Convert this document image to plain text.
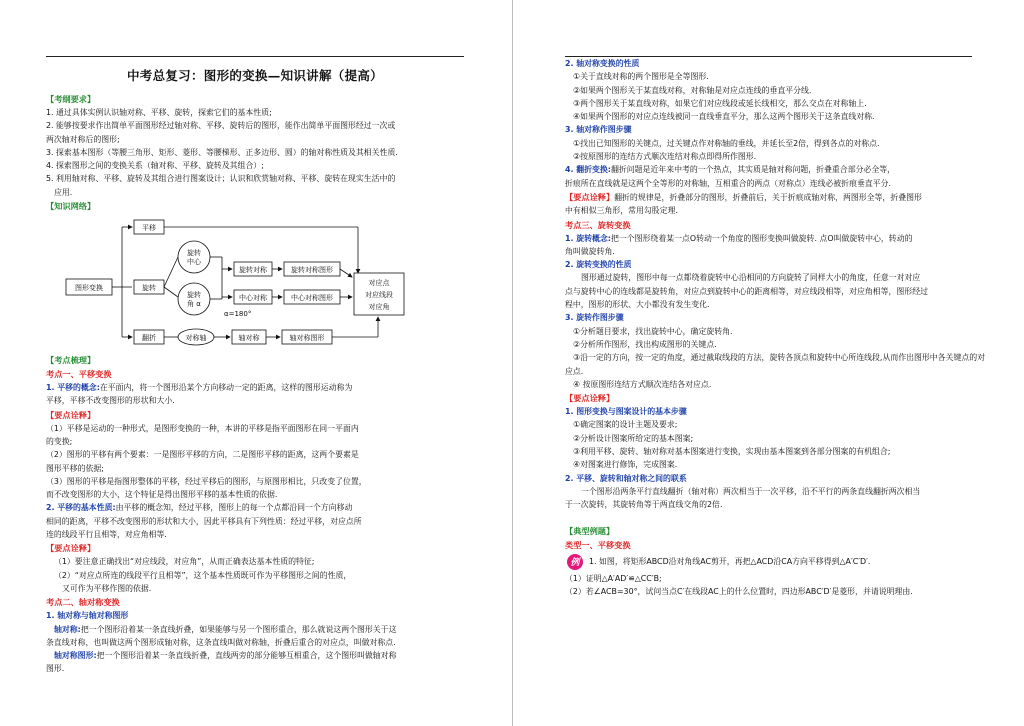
中考总复习：图形的变换—知识讲解（提高）
【考纲要求】
1. 通过具体实例认识轴对称、平移、旋转，探索它们的基本性质;
2. 能够按要求作出简单平面图形经过轴对称、平移、旋转后的图形，能作出简单平面图形经过一次或
两次轴对称后的图形;
3. 探索基本图形（等腰三角形、矩形、菱形、等腰梯形、正多边形、圆）的轴对称性质及其相关性质.
4. 探索图形之间的变换关系（轴对称、平移、旋转及其组合）;
5. 利用轴对称、平移、旋转及其组合进行图案设计；认识和欣赏轴对称、平移、旋转在现实生活中的
应用.
【知识网络】
图形变换
平移
旋转
旋转
中心
旋转
角 α
旋转对称	旋转对称图形
中心对称	中心对称图形
α=180°
翻折	对称轴	轴对称	轴对称图形
对应点
对应线段
对应角
【考点梳理】
考点一、平移变换
1. 平移的概念:在平面内，将一个图形沿某个方向移动一定的距离，这样的图形运动称为
平移，平移不改变图形的形状和大小.
【要点诠释】
（1）平移是运动的一种形式，是图形变换的一种，本讲的平移是指平面图形在同一平面内
的变换;
（2）图形的平移有两个要素：一是图形平移的方向，二是图形平移的距离，这两个要素是
图形平移的依据;
（3）图形的平移是指图形整体的平移，经过平移后的图形，与原图形相比，只改变了位置，
而不改变图形的大小，这个特征是得出图形平移的基本性质的依据.
2. 平移的基本性质:由平移的概念知，经过平移，图形上的每一个点都沿同一个方向移动
相同的距离，平移不改变图形的形状和大小，因此平移具有下列性质：经过平移，对应点所
连的线段平行且相等，对应角相等.
【要点诠释】
（1）要注意正确找出“对应线段，对应角”，从而正确表达基本性质的特征;
（2）“对应点所连的线段平行且相等”，这个基本性质既可作为平移图形之间的性质，
又可作为平移作图的依据.
考点二、轴对称变换
1. 轴对称与轴对称图形
轴对称:把一个图形沿着某一条直线折叠，如果能够与另一个图形重合，那么就说这两个图形关于这
条直线对称，也叫做这两个图形成轴对称，这条直线叫做对称轴，折叠后重合的对应点，叫做对称点.
轴对称图形:把一个图形沿着某一条直线折叠，直线两旁的部分能够互相重合，这个图形叫做轴对称
图形.
2. 轴对称变换的性质
①关于直线对称的两个图形是全等图形.
②如果两个图形关于某直线对称，对称轴是对应点连线的垂直平分线.
③两个图形关于某直线对称，如果它们对应线段或延长线相交，那么交点在对称轴上.
④如果两个图形的对应点连线被同一直线垂直平分，那么这两个图形关于这条直线对称.
3. 轴对称作图步骤
①找出已知图形的关键点，过关键点作对称轴的垂线，并延长至2倍，得到各点的对称点.
②按原图形的连结方式顺次连结对称点即得所作图形.
4. 翻折变换:翻折问题是近年来中考的一个热点，其实质是轴对称问题，折叠重合部分必全等，
折痕所在直线就是这两个全等形的对称轴，互相重合的两点（对称点）连线必被折痕垂直平分.
【要点诠释】翻折的规律是，折叠部分的图形，折叠前后，关于折痕成轴对称，两图形全等，折叠图形
中有相似三角形，常用勾股定理.
考点三、旋转变换
1. 旋转概念:把一个图形绕着某一点O转动一个角度的图形变换叫做旋转. 点O叫做旋转中心，转动的
角叫做旋转角.
2. 旋转变换的性质
图形通过旋转，图形中每一点都绕着旋转中心沿相同的方向旋转了同样大小的角度，任意一对对应
点与旋转中心的连线都是旋转角，对应点到旋转中心的距离相等，对应线段相等，对应角相等，图形经过
程中，图形的形状、大小都没有发生变化.
3. 旋转作图步骤
①分析题目要求，找出旋转中心，确定旋转角.
②分析所作图形，找出构成图形的关键点.
③沿一定的方向，按一定的角度，通过截取线段的方法，旋转各顶点和旋转中心所连线段,从而作出图形中各关键点的对
应点.
④ 按原图形连结方式顺次连结各对应点.
【要点诠释】
1. 图形变换与图案设计的基本步骤
①确定图案的设计主题及要求;
②分析设计图案所给定的基本图案;
③利用平移、旋转、轴对称对基本图案进行变换，实现由基本图案到各部分图案的有机组合;
④对图案进行修饰，完成图案.
2. 平移、旋转和轴对称之间的联系
一个图形沿两条平行直线翻折（轴对称）两次相当于一次平移，沿不平行的两条直线翻折两次相当
于一次旋转，其旋转角等于两直线交角的2倍.
【典型例题】
类型一、平移变换
例	1. 如图，将矩形ABCD沿对角线AC剪开，再把△ACD沿CA方向平移得到△A′C′D′.
（1）证明△A′AD′≌△CC′B;
（2）若∠ACB=30°，试问当点C′在线段AC上的什么位置时，四边形ABC′D′是菱形，并请说明理由.
